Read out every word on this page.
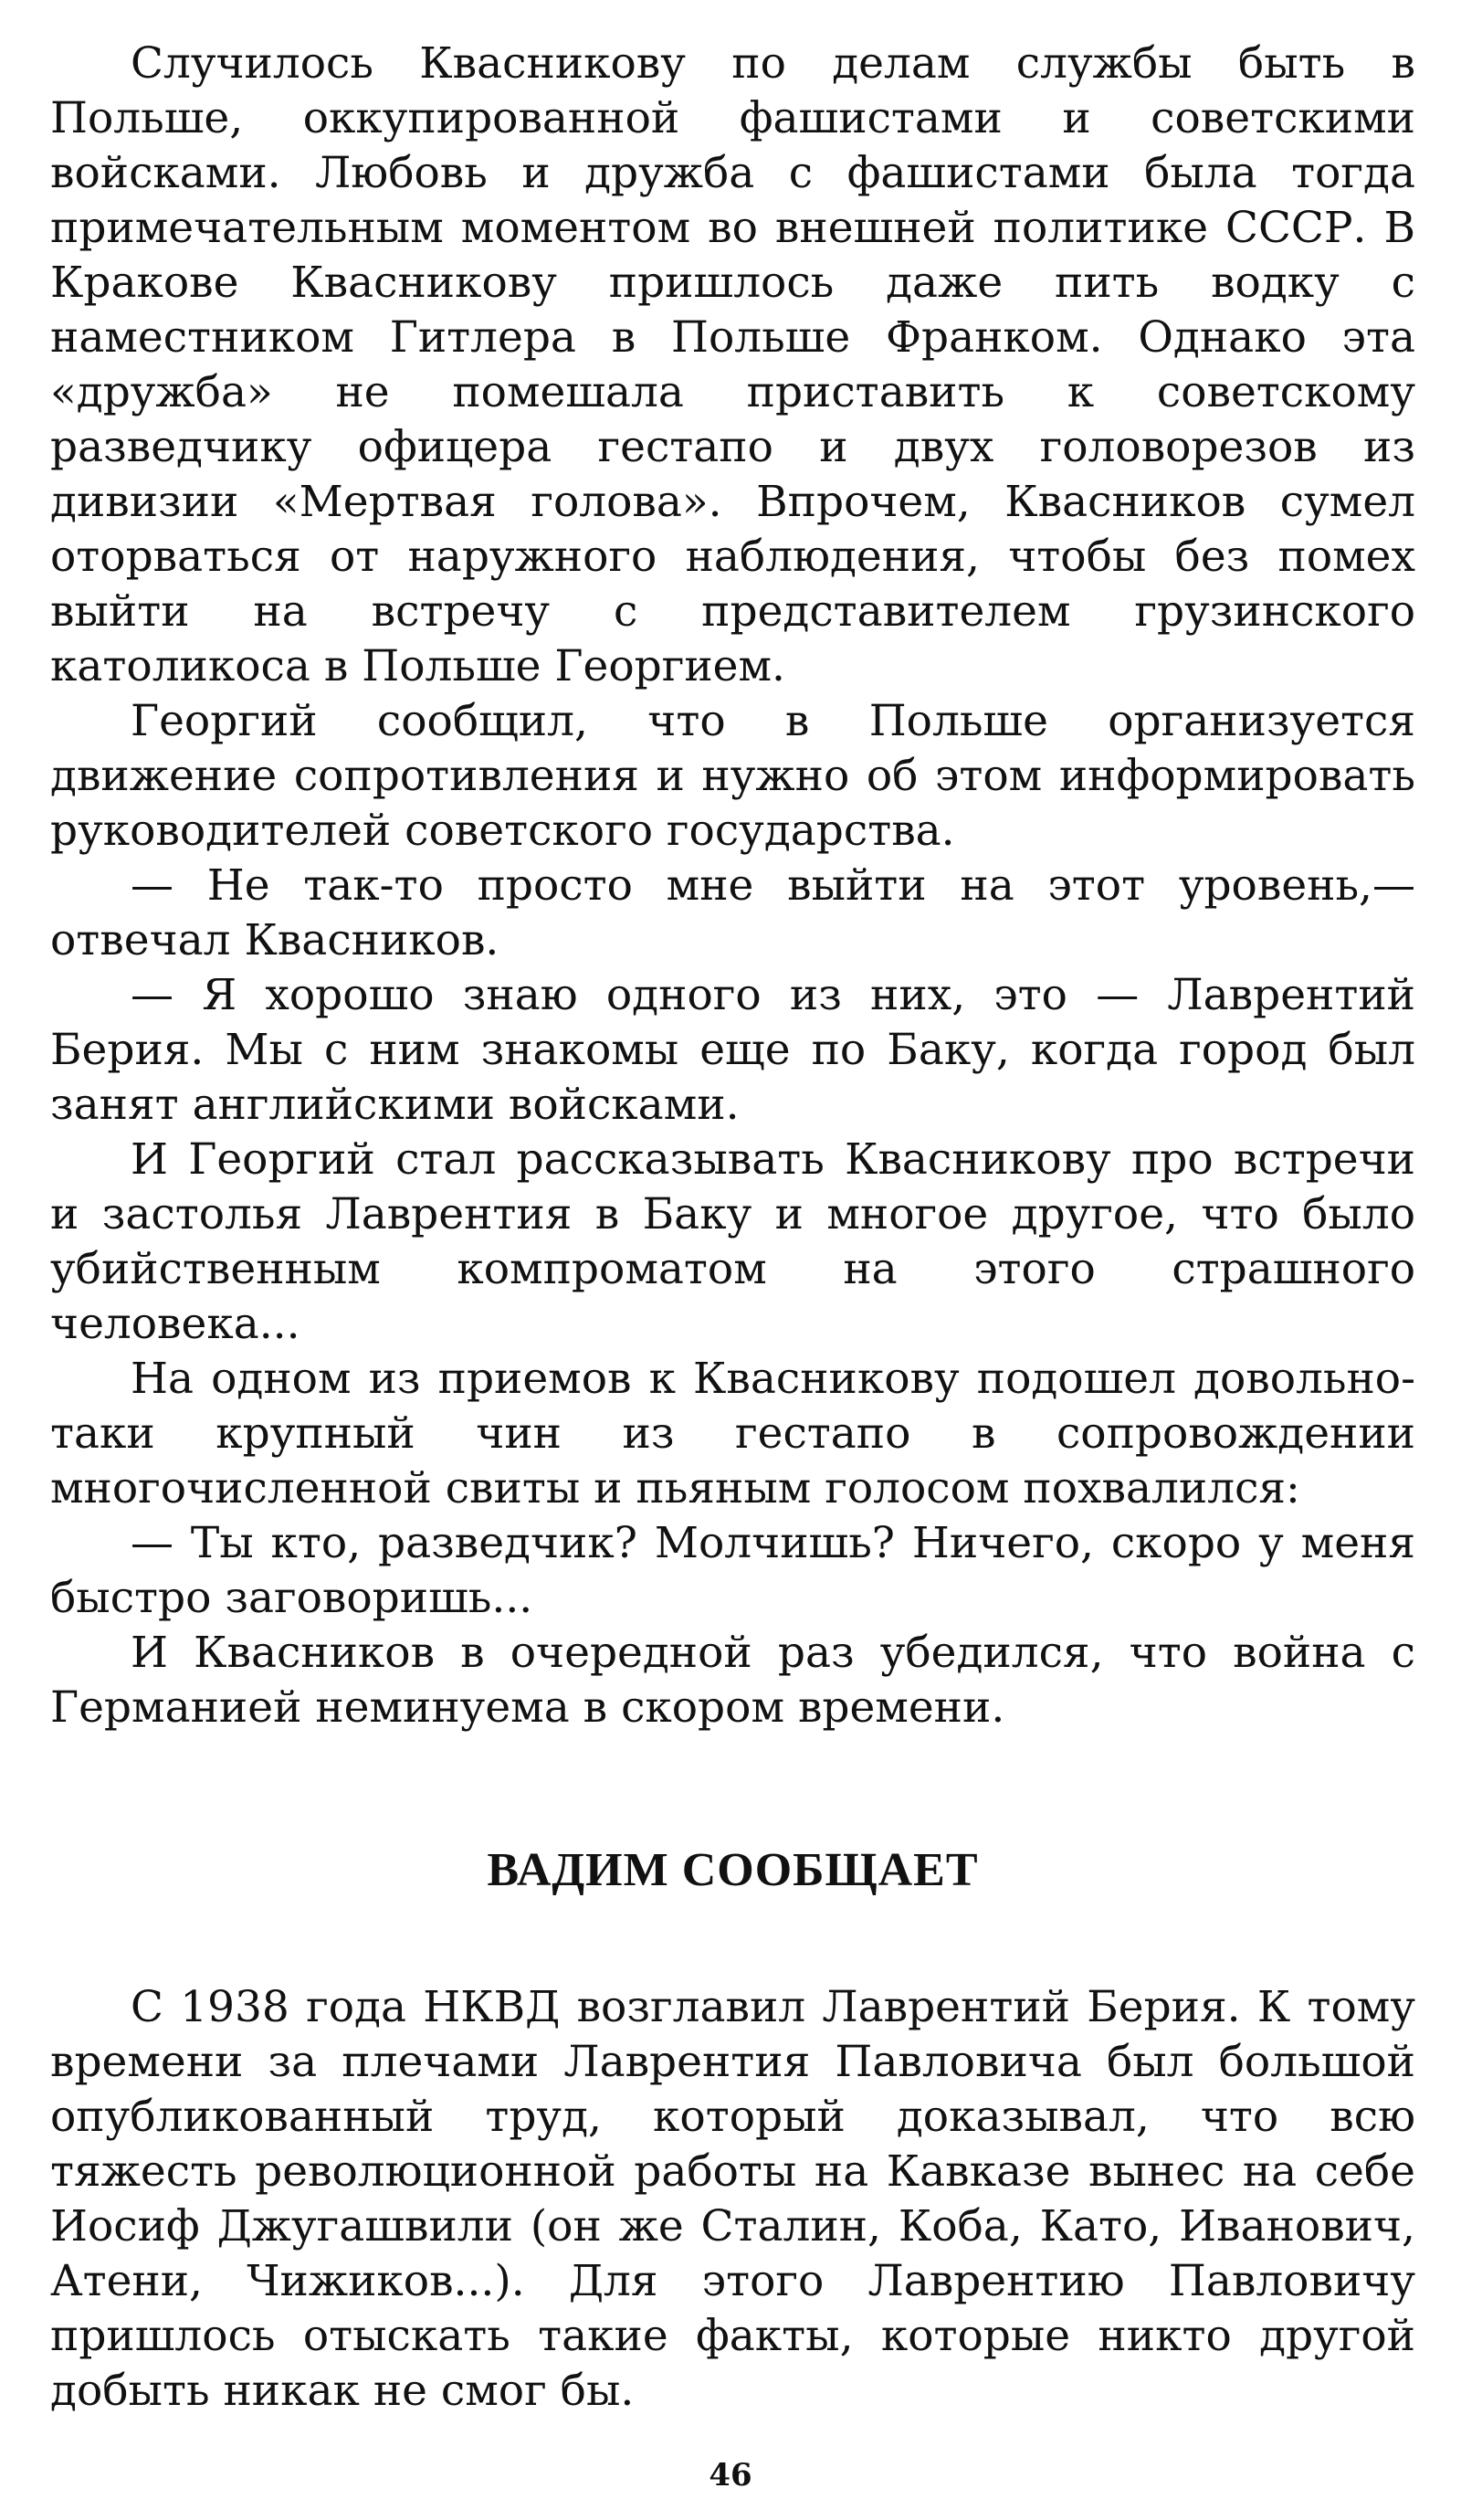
Случилось Квасникову по делам службы быть в Польше, оккупированной фашистами и советскими войсками. Любовь и дружба с фашистами была тогда примечательным моментом во внешней политике СССР. В Кракове Квасникову пришлось даже пить водку с наместником Гитлера в Польше Франком. Однако эта «дружба» не помешала приставить к советскому разведчику офицера гестапо и двух головорезов из дивизии «Мертвая голова». Впрочем, Квасников сумел оторваться от наружного наблюдения, чтобы без помех выйти на встречу с представителем грузинского католикоса в Польше Георгием.

Георгий сообщил, что в Польше организуется движение сопротивления и нужно об этом информировать руководителей советского государства.

— Не так-то просто мне выйти на этот уровень,— отвечал Квасников.

— Я хорошо знаю одного из них, это — Лаврентий Берия. Мы с ним знакомы еще по Баку, когда город был занят английскими войсками.

И Георгий стал рассказывать Квасникову про встречи и застолья Лаврентия в Баку и многое другое, что было убийственным компроматом на этого страшного человека...

На одном из приемов к Квасникову подошел довольно-таки крупный чин из гестапо в сопровождении многочисленной свиты и пьяным голосом похвалился:

— Ты кто, разведчик? Молчишь? Ничего, скоро у меня быстро заговоришь...

И Квасников в очередной раз убедился, что война с Германией неминуема в скором времени.

ВАДИМ СООБЩАЕТ

С 1938 года НКВД возглавил Лаврентий Берия. К тому времени за плечами Лаврентия Павловича был большой опубликованный труд, который доказывал, что всю тяжесть революционной работы на Кавказе вынес на себе Иосиф Джугашвили (он же Сталин, Коба, Като, Иванович, Атени, Чижиков...). Для этого Лаврентию Павловичу пришлось отыскать такие факты, которые никто другой добыть никак не смог бы.

46
